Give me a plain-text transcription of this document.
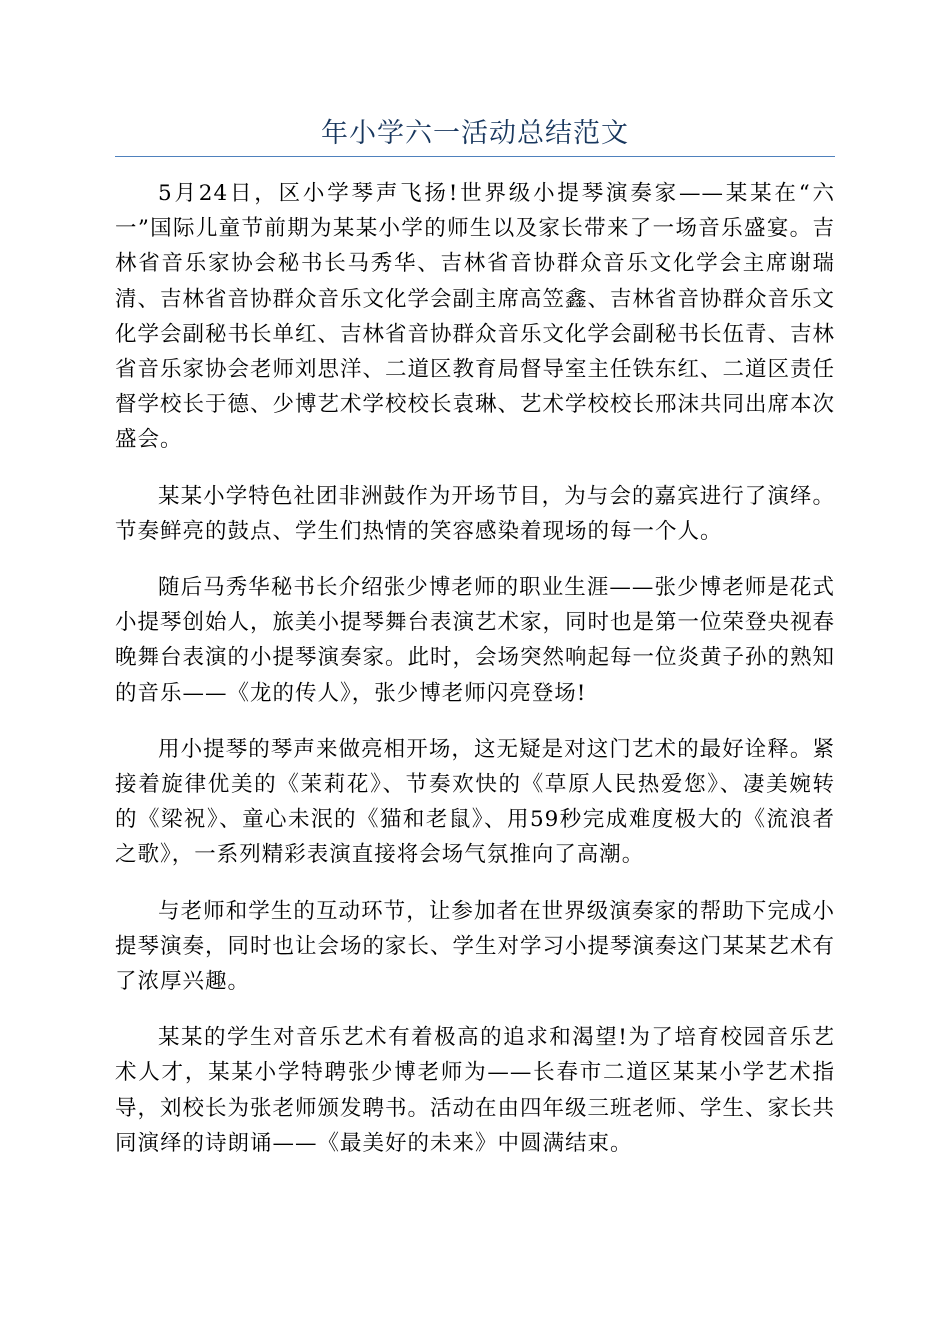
年小学六一活动总结范文

5月24日，区小学琴声飞扬!世界级小提琴演奏家——某某在“六一”国际儿童节前期为某某小学的师生以及家长带来了一场音乐盛宴。吉林省音乐家协会秘书长马秀华、吉林省音协群众音乐文化学会主席谢瑞清、吉林省音协群众音乐文化学会副主席高笠鑫、吉林省音协群众音乐文化学会副秘书长单红、吉林省音协群众音乐文化学会副秘书长伍青、吉林省音乐家协会老师刘思洋、二道区教育局督导室主任铁东红、二道区责任督学校长于德、少博艺术学校校长袁琳、艺术学校校长邢沫共同出席本次盛会。

某某小学特色社团非洲鼓作为开场节目，为与会的嘉宾进行了演绎。节奏鲜亮的鼓点、学生们热情的笑容感染着现场的每一个人。

随后马秀华秘书长介绍张少博老师的职业生涯——张少博老师是花式小提琴创始人，旅美小提琴舞台表演艺术家，同时也是第一位荣登央视春晚舞台表演的小提琴演奏家。此时，会场突然响起每一位炎黄子孙的熟知的音乐——《龙的传人》，张少博老师闪亮登场!

用小提琴的琴声来做亮相开场，这无疑是对这门艺术的最好诠释。紧接着旋律优美的《茉莉花》、节奏欢快的《草原人民热爱您》、凄美婉转的《梁祝》、童心未泯的《猫和老鼠》、用59秒完成难度极大的《流浪者之歌》，一系列精彩表演直接将会场气氛推向了高潮。

与老师和学生的互动环节，让参加者在世界级演奏家的帮助下完成小提琴演奏，同时也让会场的家长、学生对学习小提琴演奏这门某某艺术有了浓厚兴趣。

某某的学生对音乐艺术有着极高的追求和渴望!为了培育校园音乐艺术人才，某某小学特聘张少博老师为——长春市二道区某某小学艺术指导，刘校长为张老师颁发聘书。活动在由四年级三班老师、学生、家长共同演绎的诗朗诵——《最美好的未来》中圆满结束。
